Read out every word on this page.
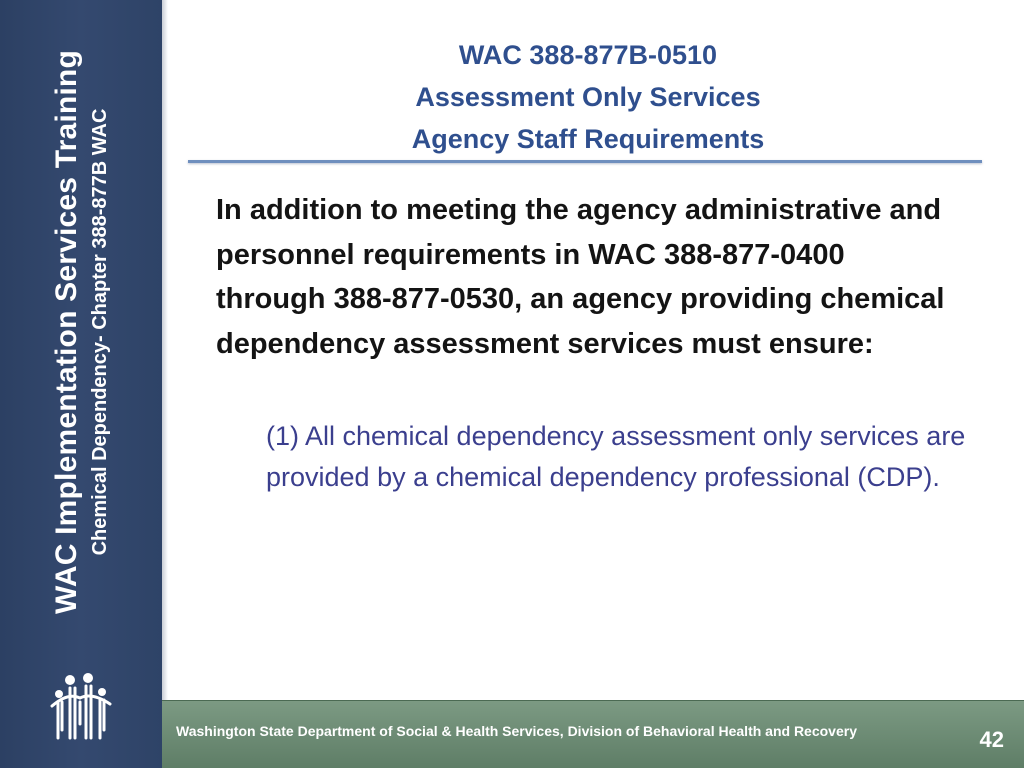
WAC Implementation Services Training Chemical Dependency- Chapter 388-877B WAC
WAC 388-877B-0510
Assessment Only Services
Agency Staff Requirements
In addition to meeting the agency administrative and personnel requirements in WAC 388-877-0400 through 388-877-0530, an agency providing chemical dependency assessment services must ensure:
(1) All chemical dependency assessment only services are provided by a chemical dependency professional (CDP).
Washington State Department of Social & Health Services, Division of Behavioral Health and Recovery	42
